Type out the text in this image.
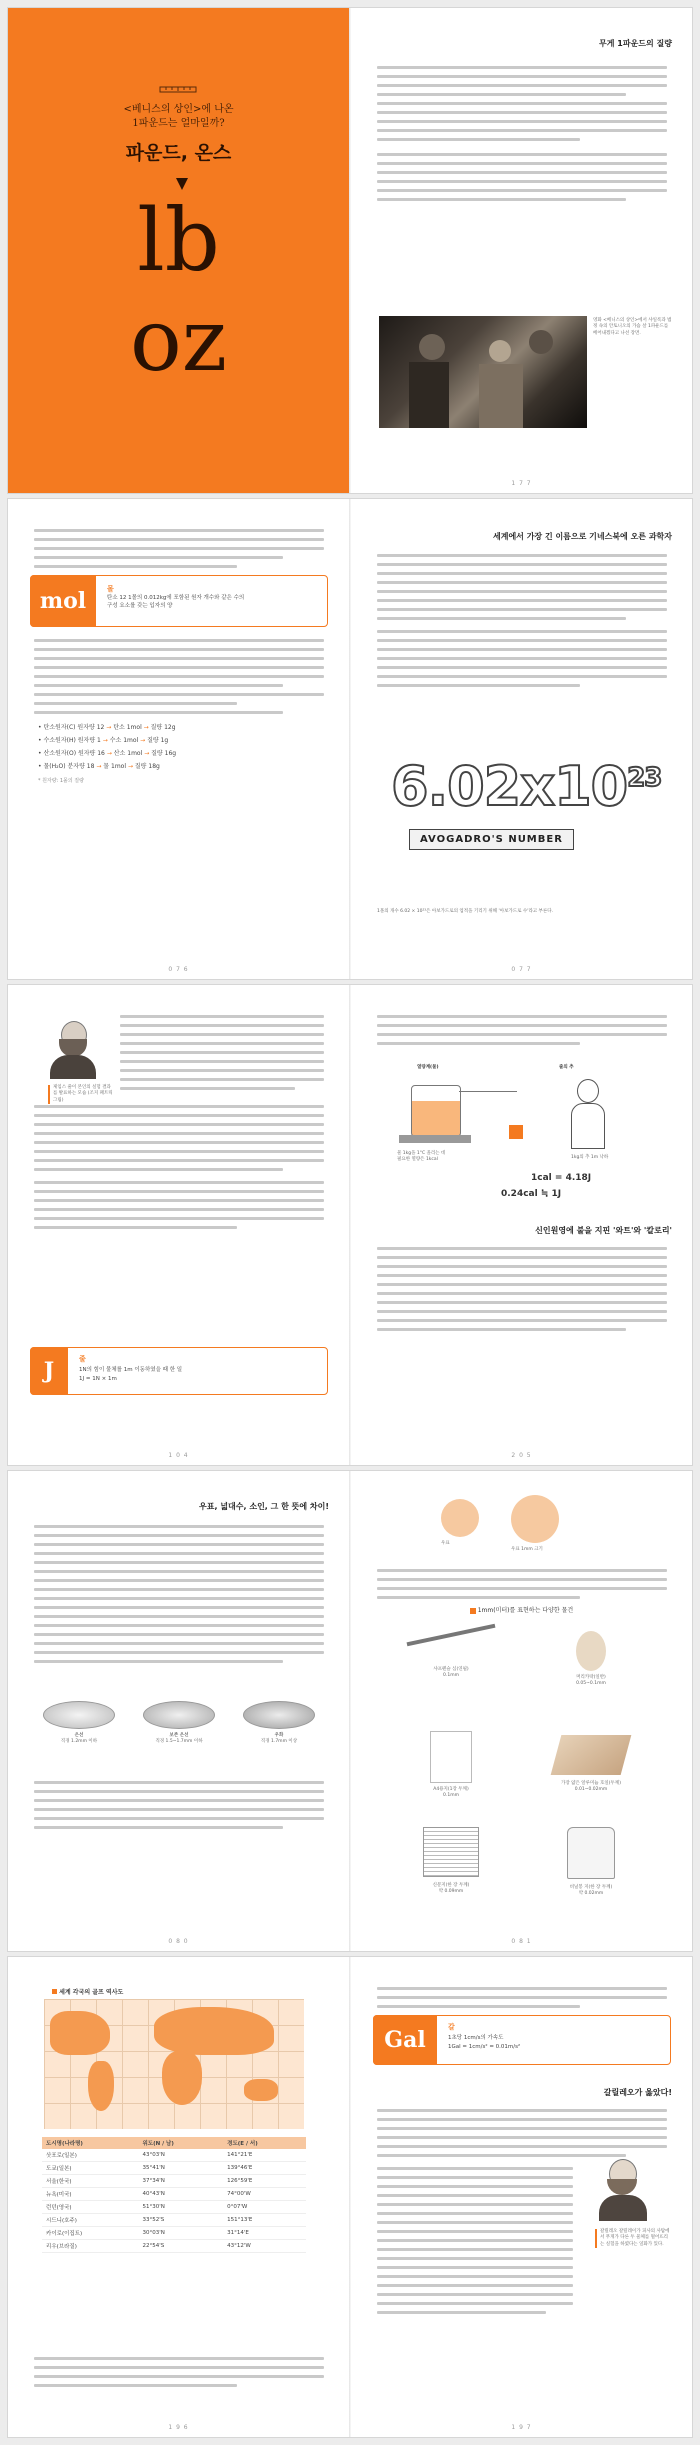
<베니스의 상인>에 나온
1파운드는 얼마일까?
파운드, 온스
lb
oz
무게 1파운드의 질량
영화 <베니스의 상인>에서 샤일록과 법정 속의 안토니오의 가슴 살 1파운드를 베어내겠다고 나선 장면.
1 7 7
mol	몰
탄소 12 1몰의 0.012kg에 포함된 원자 개수와 같은 수의 구성 요소를 갖는 입자의 양
• 탄소원자(C) 원자량 12 → 탄소 1mol → 질량 12g
• 수소원자(H) 원자량 1 → 수소 1mol → 질량 1g
• 산소원자(O) 원자량 16 → 산소 1mol → 질량 16g
• 물(H₂O) 분자량 18 → 물 1mol → 질량 18g
* 원자량: 1몰의 질량
0 7 6
세계에서 가장 긴 이름으로 기네스북에 오른 과학자
$6.02x10^{23}$
AVOGADRO'S NUMBER
1몰의 개수 6.02 × 10²³은 아보가드로의 업적을 기리기 위해 '아보가드로 수'라고 부른다.
0 7 7
제임스 줄이 본인의 실험 결과를 발표하는 모습 (조지 패트릭 그림)
J	줄
1N의 힘이 물체를 1m 이동하였을 때 한 일
1J = 1N × 1m
1 0 4
열량계(물)	줄의 추
물 1kg을 1°C 올리는 데
필요한 열량은 1kcal	1kg의 추 1m 낙하
1cal = 4.18J
0.24cal ≒ 1J
신인원영에 불을 지핀 '와트'와 '칼로리'
2 0 5
우표, 넓대수, 소인, 그 한 뜻에 차이!
은선
직경 1.2mm 이하
보존 은선
직경 1.5~1.7mm 이하
우화
직경 1.7mm 이상
0 8 0
우표
우표 1mm 크기
1mm(미터)를 표현하는 다양한 물건
샤프펜슬 심(연필)
0.1mm	머리카락(일반)
0.05~0.1mm
A4용지(1장 두께)
0.1mm
가장 얇은 알루미늄 호일(두께)
0.01~0.02mm
신문지(한 장 두께)
약 0.09mm
비닐봉 지(한 장 두께)
약 0.02mm
0 8 1
세계 각국의 골프 역사도
도시명(나라명)	위도(N / 남)	경도(E / 서)
삿포로(일본)	43°03'N	141°21'E
도쿄(일본)	35°41'N	139°46'E
서울(한국)	37°34'N	126°59'E
뉴욕(미국)	40°43'N	74°00'W
런던(영국)	51°30'N	0°07'W
시드니(호주)	33°52'S	151°13'E
카이로(이집트)	30°03'N	31°14'E
리우(브라질)	22°54'S	43°12'W
1 9 6
Gal	갈
1초당 1cm/s의 가속도
1Gal = 1cm/s² = 0.01m/s²
갈릴레오가 옳았다!
갈릴레오 갈릴레이가 피사의 사탑에서 무게가 다른 두 물체를 떨어뜨리는 실험을 하였다는 일화가 있다.
1 9 7
